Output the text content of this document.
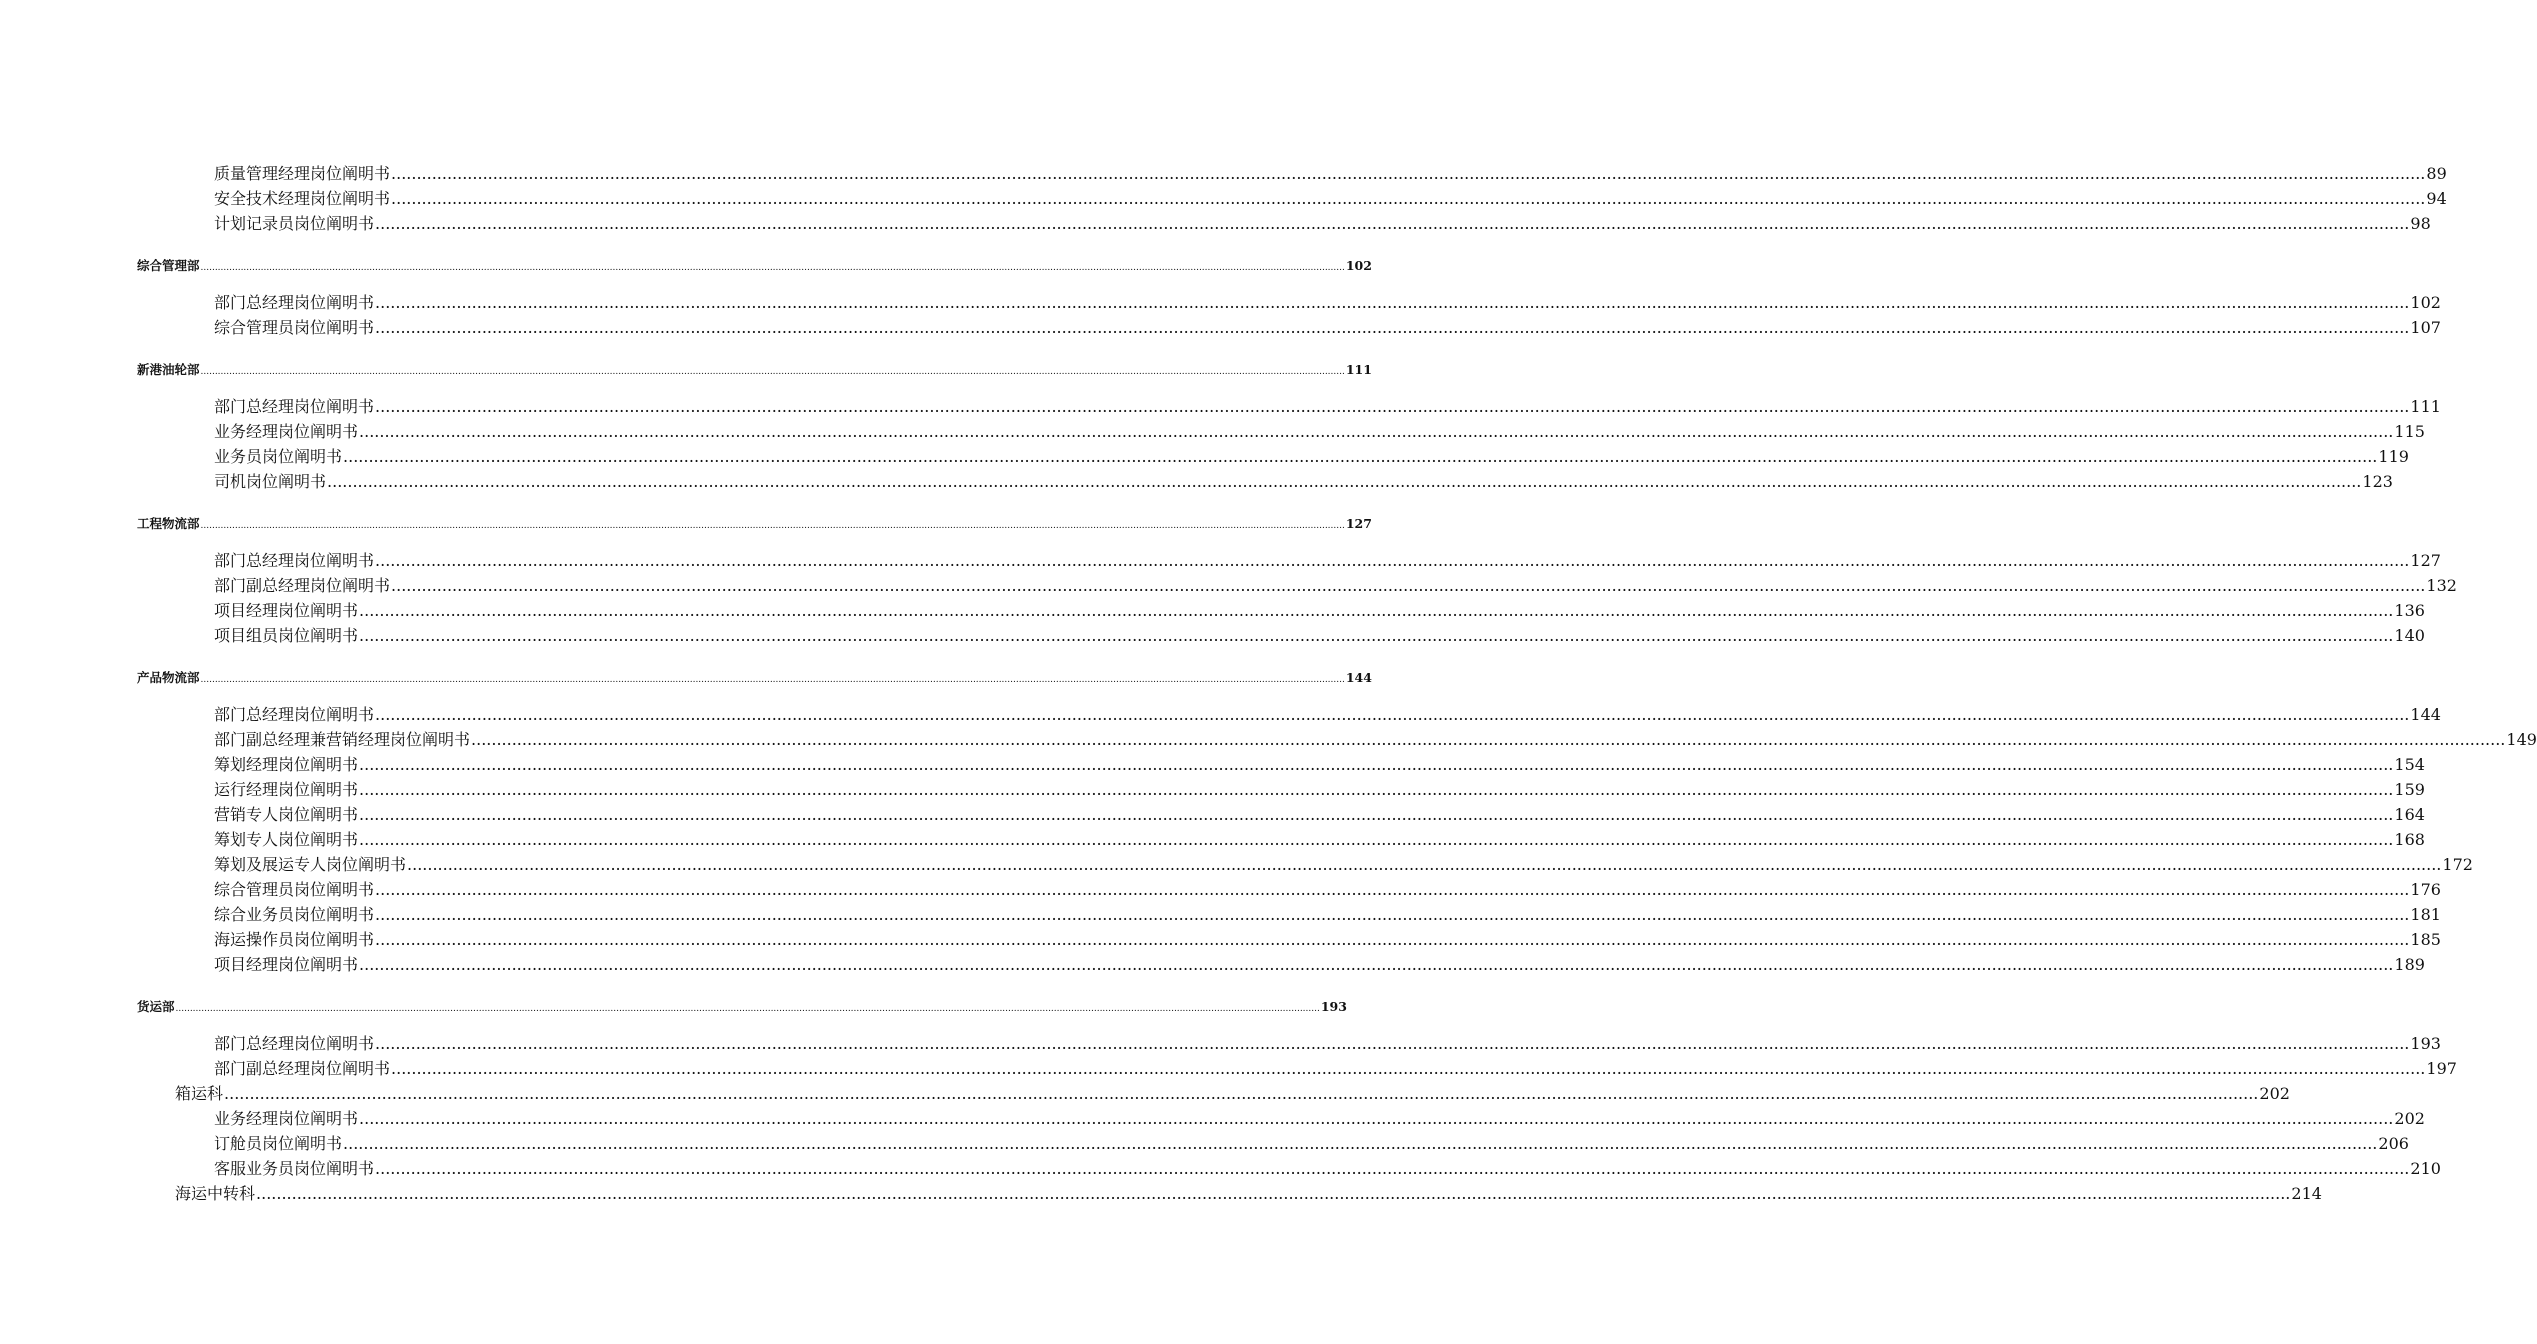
质量管理经理岗位阐明书 ................................................................................................................................................................................................................................................................................................................................................................................................................ 89
安全技术经理岗位阐明书 ................................................................................................................................................................................................................................................................................................................................................................................................................ 94
计划记录员岗位阐明书 ................................................................................................................................................................................................................................................................................................................................................................................................................ 98
综合管理部 ................................................................................................................................................................................................................................................................................................................................................................................................................ 102
部门总经理岗位阐明书 ................................................................................................................................................................................................................................................................................................................................................................................................................ 102
综合管理员岗位阐明书 ................................................................................................................................................................................................................................................................................................................................................................................................................ 107
新港油轮部 ................................................................................................................................................................................................................................................................................................................................................................................................................ 111
部门总经理岗位阐明书 ................................................................................................................................................................................................................................................................................................................................................................................................................ 111
业务经理岗位阐明书 ................................................................................................................................................................................................................................................................................................................................................................................................................ 115
业务员岗位阐明书 ................................................................................................................................................................................................................................................................................................................................................................................................................ 119
司机岗位阐明书 ................................................................................................................................................................................................................................................................................................................................................................................................................ 123
工程物流部 ................................................................................................................................................................................................................................................................................................................................................................................................................ 127
部门总经理岗位阐明书 ................................................................................................................................................................................................................................................................................................................................................................................................................ 127
部门副总经理岗位阐明书 ................................................................................................................................................................................................................................................................................................................................................................................................................ 132
项目经理岗位阐明书 ................................................................................................................................................................................................................................................................................................................................................................................................................ 136
项目组员岗位阐明书 ................................................................................................................................................................................................................................................................................................................................................................................................................ 140
产品物流部 ................................................................................................................................................................................................................................................................................................................................................................................................................ 144
部门总经理岗位阐明书 ................................................................................................................................................................................................................................................................................................................................................................................................................ 144
部门副总经理兼营销经理岗位阐明书 ................................................................................................................................................................................................................................................................................................................................................................................................................ 149
筹划经理岗位阐明书 ................................................................................................................................................................................................................................................................................................................................................................................................................ 154
运行经理岗位阐明书 ................................................................................................................................................................................................................................................................................................................................................................................................................ 159
营销专人岗位阐明书 ................................................................................................................................................................................................................................................................................................................................................................................................................ 164
筹划专人岗位阐明书 ................................................................................................................................................................................................................................................................................................................................................................................................................ 168
筹划及展运专人岗位阐明书 ................................................................................................................................................................................................................................................................................................................................................................................................................ 172
综合管理员岗位阐明书 ................................................................................................................................................................................................................................................................................................................................................................................................................ 176
综合业务员岗位阐明书 ................................................................................................................................................................................................................................................................................................................................................................................................................ 181
海运操作员岗位阐明书 ................................................................................................................................................................................................................................................................................................................................................................................................................ 185
项目经理岗位阐明书 ................................................................................................................................................................................................................................................................................................................................................................................................................ 189
货运部 ................................................................................................................................................................................................................................................................................................................................................................................................................ 193
部门总经理岗位阐明书 ................................................................................................................................................................................................................................................................................................................................................................................................................ 193
部门副总经理岗位阐明书 ................................................................................................................................................................................................................................................................................................................................................................................................................ 197
箱运科 ................................................................................................................................................................................................................................................................................................................................................................................................................ 202
业务经理岗位阐明书 ................................................................................................................................................................................................................................................................................................................................................................................................................ 202
订舱员岗位阐明书 ................................................................................................................................................................................................................................................................................................................................................................................................................ 206
客服业务员岗位阐明书 ................................................................................................................................................................................................................................................................................................................................................................................................................ 210
海运中转科 ................................................................................................................................................................................................................................................................................................................................................................................................................ 214
